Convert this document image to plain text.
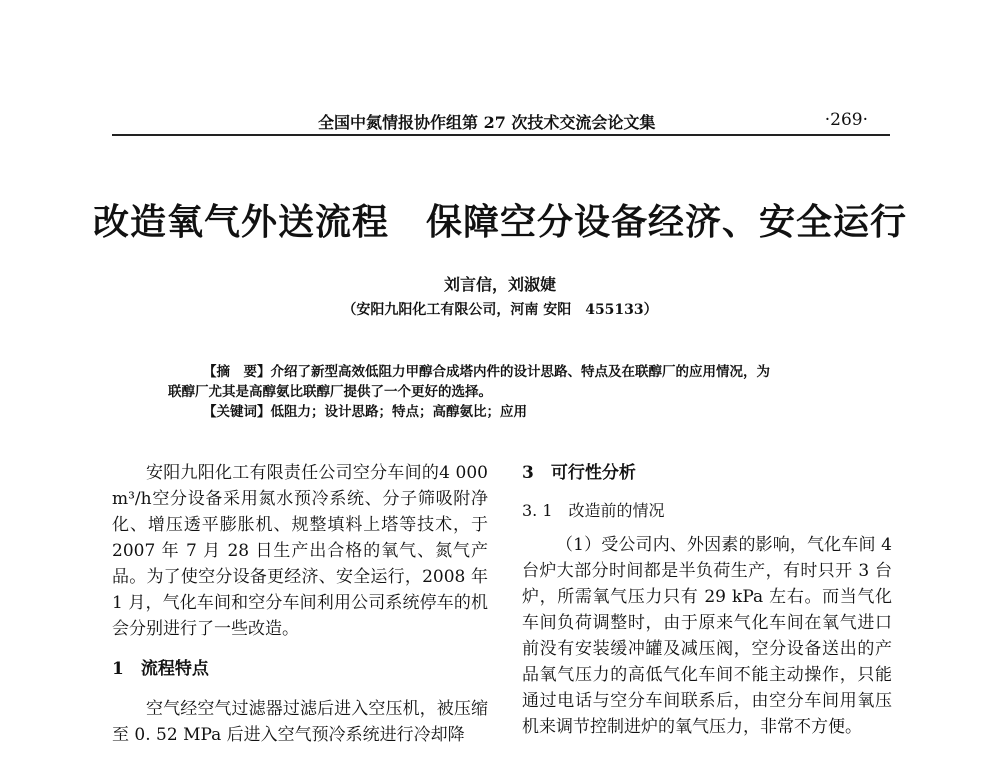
全国中氮情报协作组第 27 次技术交流会论文集	·269·
改造氧气外送流程　保障空分设备经济、安全运行
刘言信，刘淑婕
（安阳九阳化工有限公司，河南 安阳　455133）

【摘　要】介绍了新型高效低阻力甲醇合成塔内件的设计思路、特点及在联醇厂的应用情况，为

联醇厂尤其是高醇氨比联醇厂提供了一个更好的选择。

【关键词】低阻力；设计思路；特点；高醇氨比；应用

安阳九阳化工有限责任公司空分车间的4 000 m³/h空分设备采用氮水预冷系统、分子筛吸附净化、增压透平膨胀机、规整填料上塔等技术，于2007 年 7 月 28 日生产出合格的氧气、氮气产品。为了使空分设备更经济、安全运行，2008 年 1 月，气化车间和空分车间利用公司系统停车的机会分别进行了一些改造。

1　流程特点

空气经空气过滤器过滤后进入空压机，被压缩至 0. 52 MPa 后进入空气预冷系统进行冷却降

3　可行性分析

3. 1　改造前的情况

（1）受公司内、外因素的影响，气化车间 4 台炉大部分时间都是半负荷生产，有时只开 3 台炉，所需氧气压力只有 29 kPa 左右。而当气化车间负荷调整时，由于原来气化车间在氧气进口前没有安装缓冲罐及减压阀，空分设备送出的产品氧气压力的高低气化车间不能主动操作，只能通过电话与空分车间联系后，由空分车间用氧压机来调节控制进炉的氧气压力，非常不方便。
